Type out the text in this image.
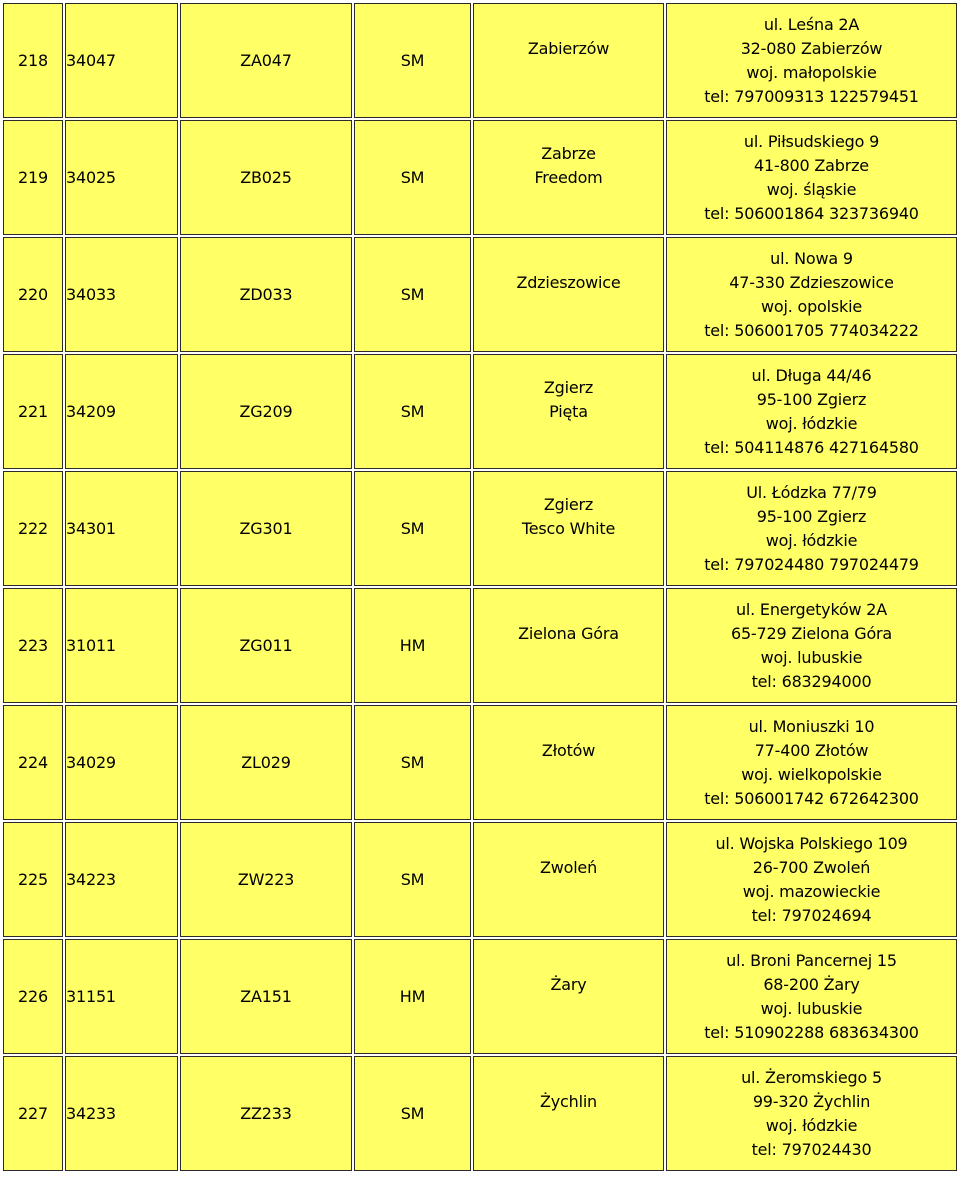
218	34047	ZA047	SM	Zabierzów	ul. Leśna 2A
32-080 Zabierzów
woj. małopolskie
tel: 797009313 122579451

219	34025	ZB025	SM	Zabrze
Freedom	ul. Piłsudskiego 9
41-800 Zabrze
woj. śląskie
tel: 506001864 323736940

220	34033	ZD033	SM	Zdzieszowice	ul. Nowa 9
47-330 Zdzieszowice
woj. opolskie
tel: 506001705 774034222

221	34209	ZG209	SM	Zgierz
Pięta	ul. Długa 44/46
95-100 Zgierz
woj. łódzkie
tel: 504114876 427164580

222	34301	ZG301	SM	Zgierz
Tesco White	Ul. Łódzka 77/79
95-100 Zgierz
woj. łódzkie
tel: 797024480 797024479

223	31011	ZG011	HM	Zielona Góra	ul. Energetyków 2A
65-729 Zielona Góra
woj. lubuskie
tel: 683294000

224	34029	ZL029	SM	Złotów	ul. Moniuszki 10
77-400 Złotów
woj. wielkopolskie
tel: 506001742 672642300

225	34223	ZW223	SM	Zwoleń	ul. Wojska Polskiego 109
26-700 Zwoleń
woj. mazowieckie
tel: 797024694

226	31151	ZA151	HM	Żary	ul. Broni Pancernej 15
68-200 Żary
woj. lubuskie
tel: 510902288 683634300

227	34233	ZZ233	SM	Żychlin	ul. Żeromskiego 5
99-320 Żychlin
woj. łódzkie
tel: 797024430
